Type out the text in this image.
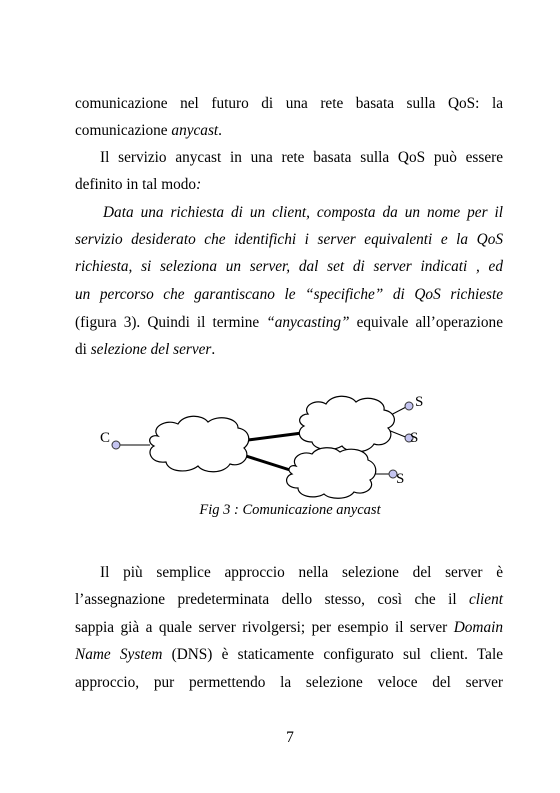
comunicazione nel futuro di una rete basata sulla QoS: la
comunicazione anycast.
Il servizio anycast in una rete basata sulla QoS può essere
definito in tal modo:
Data una richiesta di un client, composta da un nome per il
servizio desiderato che identifichi i server equivalenti e la QoS
richiesta, si seleziona un server, dal set di server indicati , ed
un percorso che garantiscano le “specifiche” di QoS richieste
(figura 3). Quindi il termine “anycasting” equivale all’operazione
di selezione del server.
C
S
S
S
Fig 3 : Comunicazione anycast
Il più semplice approccio nella selezione del server è
l’assegnazione predeterminata dello stesso, così che il client
sappia già a quale server rivolgersi; per esempio il server Domain
Name System (DNS) è staticamente configurato sul client. Tale
approccio, pur permettendo la selezione veloce del server
7
